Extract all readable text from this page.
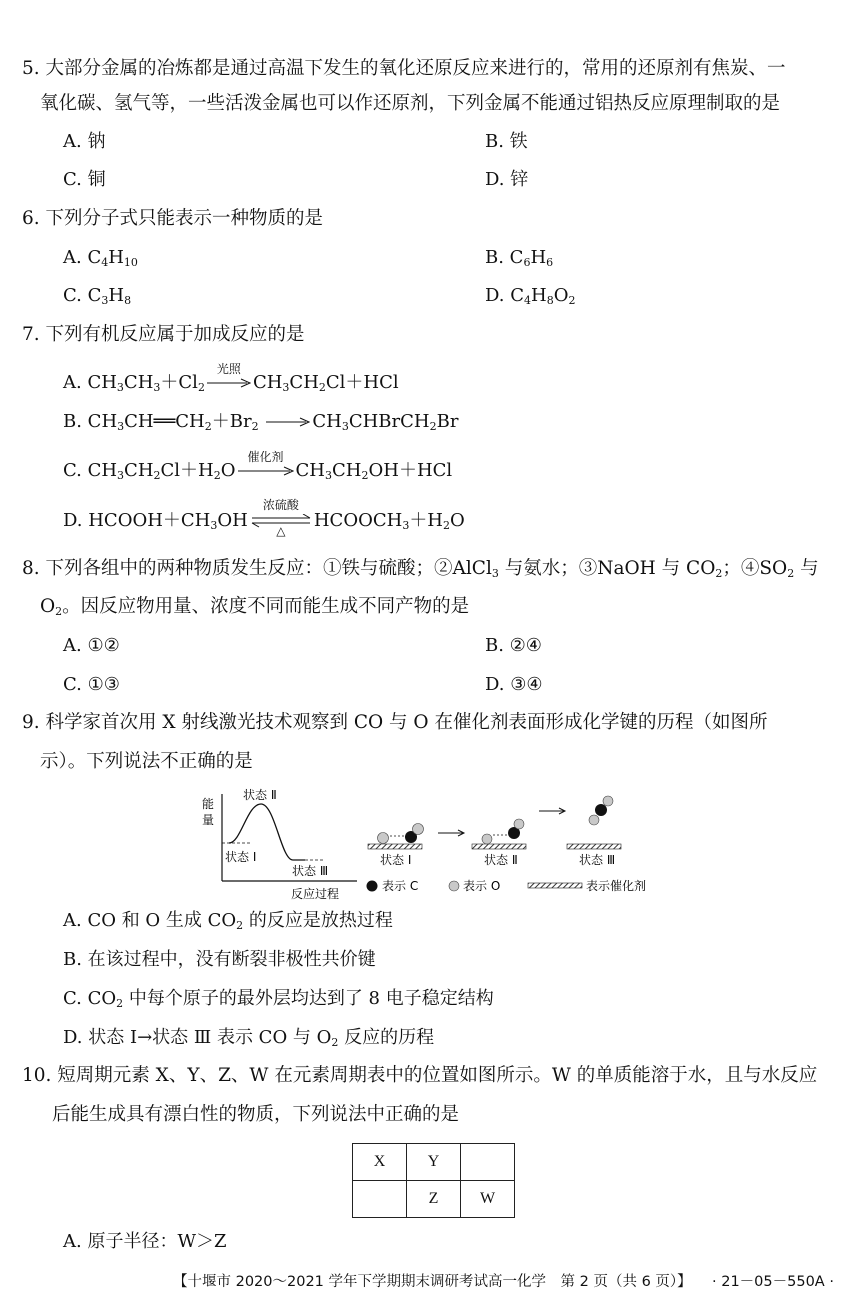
5. 大部分金属的冶炼都是通过高温下发生的氧化还原反应来进行的，常用的还原剂有焦炭、一
氧化碳、氢气等，一些活泼金属也可以作还原剂，下列金属不能通过铝热反应原理制取的是
A. 钠	B. 铁
C. 铜	D. 锌
6. 下列分子式只能表示一种物质的是
A. $C_4H_{10}$	B. $C_6H_6$
C. $C_3H_8$	D. $C_4H_8O_2$
7. 下列有机反应属于加成反应的是
A. $CH_3CH_3+Cl_2$
光照
$CH_3CH_2Cl+HCl$
B. $CH_3CH══CH_2+Br_2$	$CH_3CHBrCH_2Br$
C. $CH_3CH_2Cl+H_2O$
催化剂
$CH_3CH_2OH+HCl$
D. $HCOOH+CH_3OH$
浓硫酸
△	$HCOOCH_3+H_2O$
8. 下列各组中的两种物质发生反应：①铁与硫酸；②AlCl$_3$ 与氨水；③NaOH 与 $CO_2$；$④SO_2$ 与
$O_2$。因反应物用量、浓度不同而能生成不同产物的是
A. ①②	B. ②④
C. ①③	D. ③④
9. 科学家首次用 X 射线激光技术观察到 CO 与 O 在催化剂表面形成化学键的历程（如图所
示）。下列说法不正确的是
能
量
状态 Ⅱ
状态 Ⅰ
状态 Ⅲ
反应过程
状态 Ⅰ	状态 Ⅱ	状态 Ⅲ
表示 C	表示 O	表示催化剂
A. CO 和 O 生成 $CO_2$ 的反应是放热过程
B. 在该过程中，没有断裂非极性共价键
C. $CO_2$ 中每个原子的最外层均达到了 8 电子稳定结构
D. 状态 Ⅰ→状态 Ⅲ 表示 CO 与 $O_2$ 反应的历程
10. 短周期元素 X、Y、Z、W 在元素周期表中的位置如图所示。W 的单质能溶于水，且与水反应
后能生成具有漂白性的物质，下列说法中正确的是
X	Y	
	Z	W
A. 原子半径：W＞Z
【十堰市 2020～2021 学年下学期期末调研考试高一化学　第 2 页（共 6 页）】 · 21－05－550A ·
